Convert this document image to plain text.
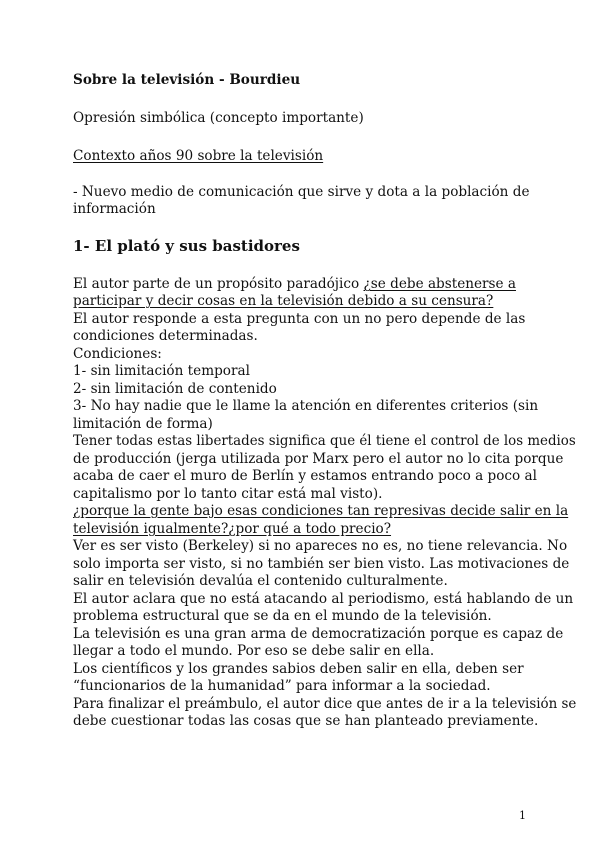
Sobre la televisión - Bourdieu

Opresión simbólica (concepto importante)

Contexto años 90 sobre la televisión

- Nuevo medio de comunicación que sirve y dota a la población de

información

1- El plató y sus bastidores

El autor parte de un propósito paradójico ¿se debe abstenerse a

participar y decir cosas en la televisión debido a su censura?

El autor responde a esta pregunta con un no pero depende de las

condiciones determinadas.

Condiciones:

1- sin limitación temporal

2- sin limitación de contenido

3- No hay nadie que le llame la atención en diferentes criterios (sin

limitación de forma)

Tener todas estas libertades significa que él tiene el control de los medios

de producción (jerga utilizada por Marx pero el autor no lo cita porque

acaba de caer el muro de Berlín y estamos entrando poco a poco al

capitalismo por lo tanto citar está mal visto).

¿porque la gente bajo esas condiciones tan represivas decide salir en la

televisión igualmente?¿por qué a todo precio?

Ver es ser visto (Berkeley) si no apareces no es, no tiene relevancia. No

solo importa ser visto, si no también ser bien visto. Las motivaciones de

salir en televisión devalúa el contenido culturalmente.

El autor aclara que no está atacando al periodismo, está hablando de un

problema estructural que se da en el mundo de la televisión.

La televisión es una gran arma de democratización porque es capaz de

llegar a todo el mundo. Por eso se debe salir en ella.

Los científicos y los grandes sabios deben salir en ella, deben ser

“funcionarios de la humanidad” para informar a la sociedad.

Para finalizar el preámbulo, el autor dice que antes de ir a la televisión se

debe cuestionar todas las cosas que se han planteado previamente.

1
